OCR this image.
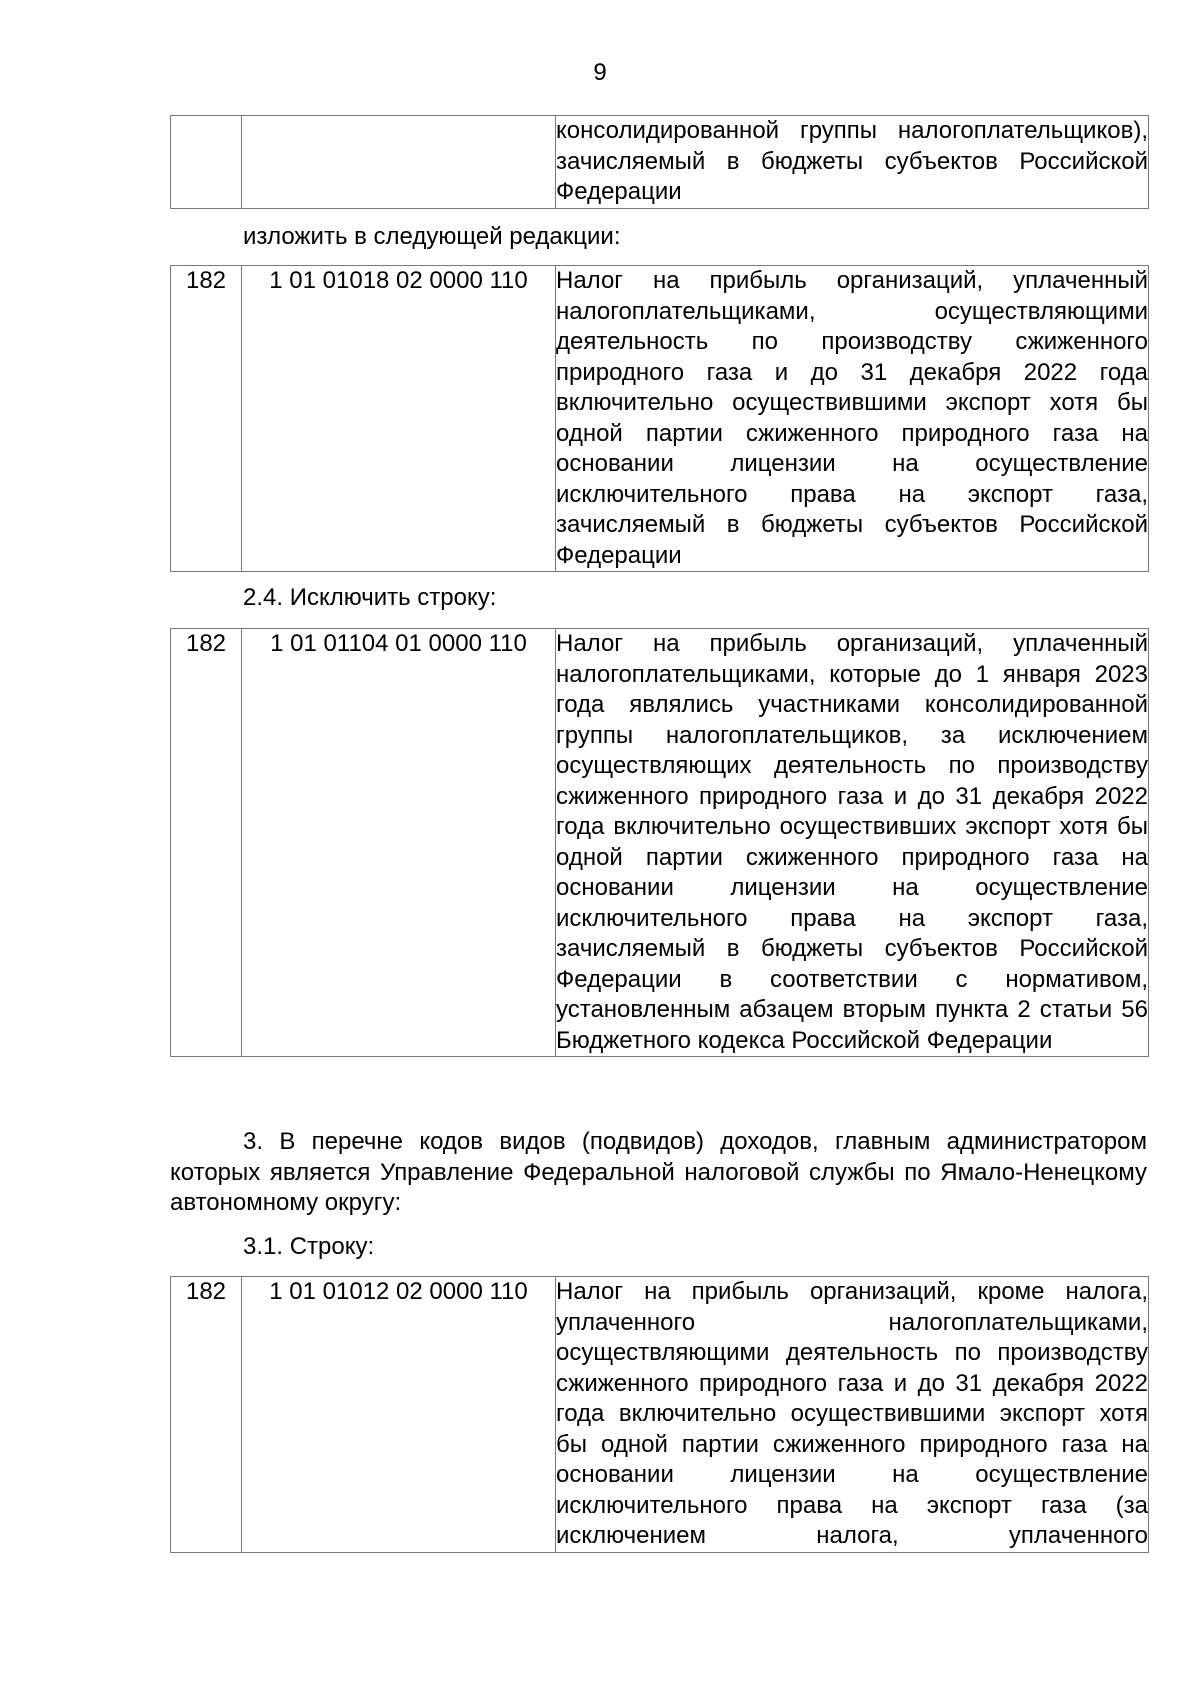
9
		консолидированной группы налогоплательщиков), зачисляемый в бюджеты субъектов Российской Федерации

изложить в следующей редакции:

182	1 01 01018 02 0000 110	Налог на прибыль организаций, уплаченный налогоплательщиками, осуществляющими деятельность по производству сжиженного природного газа и до 31 декабря 2022 года включительно осуществившими экспорт хотя бы одной партии сжиженного природного газа на основании лицензии на осуществление исключительного права на экспорт газа, зачисляемый в бюджеты субъектов Российской Федерации

2.4. Исключить строку:

182	1 01 01104 01 0000 110	Налог на прибыль организаций, уплаченный налогоплательщиками, которые до 1 января 2023 года являлись участниками консолидированной группы налогоплательщиков, за исключением осуществляющих деятельность по производству сжиженного природного газа и до 31 декабря 2022 года включительно осуществивших экспорт хотя бы одной партии сжиженного природного газа на основании лицензии на осуществление исключительного права на экспорт газа, зачисляемый в бюджеты субъектов Российской Федерации в соответствии с нормативом, установленным абзацем вторым пункта 2 статьи 56 Бюджетного кодекса Российской Федерации

3. В перечне кодов видов (подвидов) доходов, главным администратором которых является Управление Федеральной налоговой службы по Ямало-Ненецкому автономному округу:

3.1. Строку:

182	1 01 01012 02 0000 110	Налог на прибыль организаций, кроме налога, уплаченного налогоплательщиками, осуществляющими деятельность по производству сжиженного природного газа и до 31 декабря 2022 года включительно осуществившими экспорт хотя бы одной партии сжиженного природного газа на основании лицензии на осуществление исключительного права на экспорт газа (за исключением налога, уплаченного
